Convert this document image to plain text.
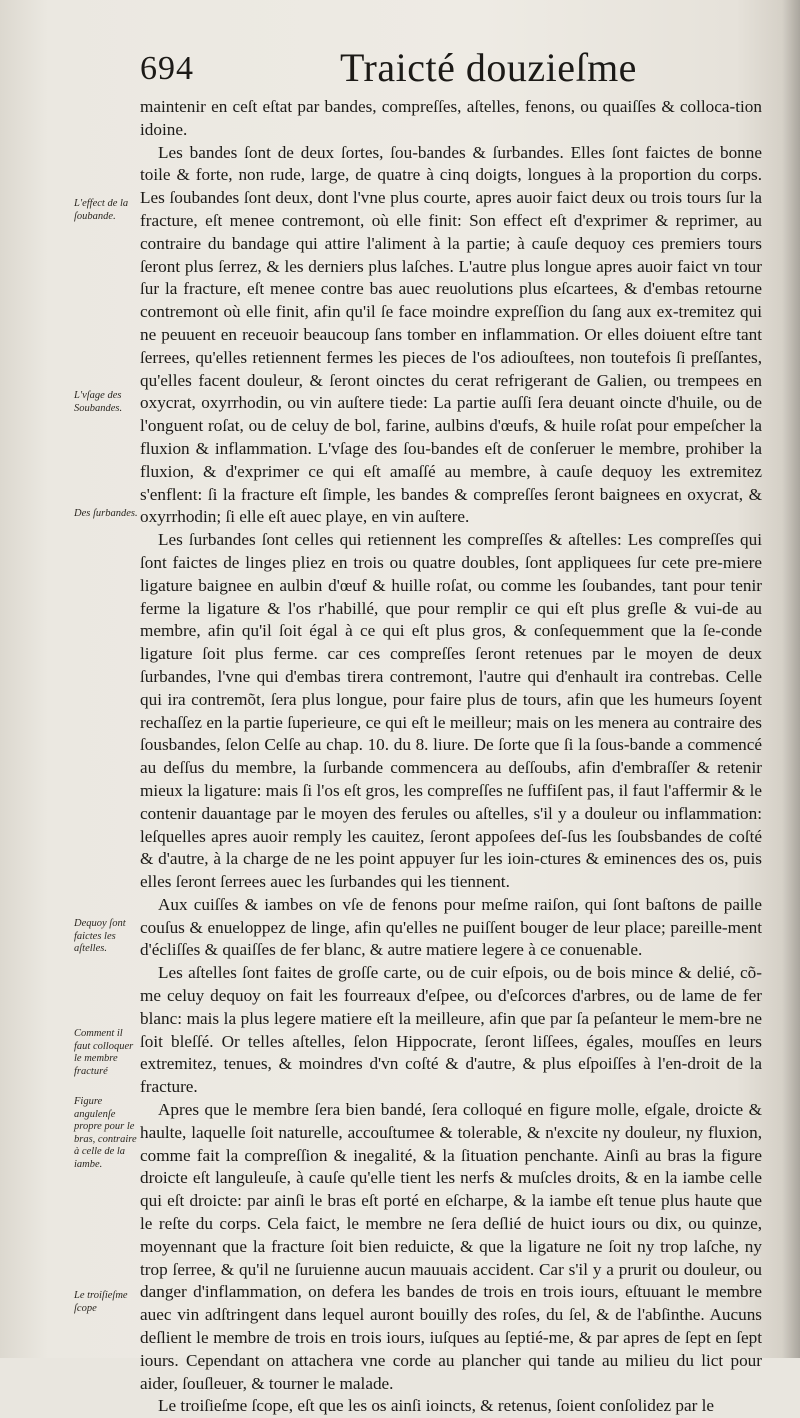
694	Traicté douzieſme
L'effect de la ſoubande.
L'vſage des Soubandes.
Des ſurbandes.
Dequoy ſont faictes les aſtelles.
Comment il faut colloquer le membre fracturé
Figure angulenſe propre pour le bras, contraire à celle de la iambe.
Le troiſieſme ſcope

maintenir en ceſt eſtat par bandes, compreſſes, aſtelles, fenons, ou quaiſſes & colloca-tion idoine.

Les bandes ſont de deux ſortes, ſou-bandes & ſurbandes. Elles ſont faictes de bonne toile & forte, non rude, large, de quatre à cinq doigts, longues à la proportion du corps. Les ſoubandes ſont deux, dont l'vne plus courte, apres auoir faict deux ou trois tours ſur la fracture, eſt menee contremont, où elle finit: Son effect eſt d'exprimer & reprimer, au contraire du bandage qui attire l'aliment à la partie; à cauſe dequoy ces premiers tours ſeront plus ſerrez, & les derniers plus laſches. L'autre plus longue apres auoir faict vn tour ſur la fracture, eſt menee contre bas auec reuolutions plus eſcartees, & d'embas retourne contremont où elle finit, afin qu'il ſe face moindre expreſſion du ſang aux ex-tremitez qui ne peuuent en receuoir beaucoup ſans tomber en inflammation. Or elles doiuent eſtre tant ſerrees, qu'elles retiennent fermes les pieces de l'os adiouſtees, non toutefois ſi preſſantes, qu'elles facent douleur, & ſeront oinctes du cerat refrigerant de Galien, ou trempees en oxycrat, oxyrrhodin, ou vin auſtere tiede: La partie auſſi ſera deuant oincte d'huile, ou de l'onguent roſat, ou de celuy de bol, farine, aulbins d'œufs, & huile roſat pour empeſcher la fluxion & inflammation. L'vſage des ſou-bandes eſt de conſeruer le membre, prohiber la fluxion, & d'exprimer ce qui eſt amaſſé au membre, à cauſe dequoy les extremitez s'enflent: ſi la fracture eſt ſimple, les bandes & compreſſes ſeront baignees en oxycrat, & oxyrrhodin; ſi elle eſt auec playe, en vin auſtere.

Les ſurbandes ſont celles qui retiennent les compreſſes & aſtelles: Les compreſſes qui ſont faictes de linges pliez en trois ou quatre doubles, ſont appliquees ſur cete pre-miere ligature baignee en aulbin d'œuf & huille roſat, ou comme les ſoubandes, tant pour tenir ferme la ligature & l'os r'habillé, que pour remplir ce qui eſt plus greſle & vui-de au membre, afin qu'il ſoit égal à ce qui eſt plus gros, & conſequemment que la ſe-conde ligature ſoit plus ferme. car ces compreſſes ſeront retenues par le moyen de deux ſurbandes, l'vne qui d'embas tirera contremont, l'autre qui d'enhault ira contrebas. Celle qui ira contremõt, ſera plus longue, pour faire plus de tours, afin que les humeurs ſoyent rechaſſez en la partie ſuperieure, ce qui eſt le meilleur; mais on les menera au contraire des ſousbandes, ſelon Celſe au chap. 10. du 8. liure. De ſorte que ſi la ſous-bande a commencé au deſſus du membre, la ſurbande commencera au deſſoubs, afin d'embraſſer & retenir mieux la ligature: mais ſi l'os eſt gros, les compreſſes ne ſuffiſent pas, il faut l'affermir & le contenir dauantage par le moyen des ferules ou aſtelles, s'il y a douleur ou inflammation: leſquelles apres auoir remply les cauitez, ſeront appoſees deſ-ſus les ſoubsbandes de coſté & d'autre, à la charge de ne les point appuyer ſur les ioin-ctures & eminences des os, puis elles ſeront ſerrees auec les ſurbandes qui les tiennent.

Aux cuiſſes & iambes on vſe de fenons pour meſme raiſon, qui ſont baſtons de paille couſus & enueloppez de linge, afin qu'elles ne puiſſent bouger de leur place; pareille-ment d'écliſſes & quaiſſes de fer blanc, & autre matiere legere à ce conuenable.

Les aſtelles ſont faites de groſſe carte, ou de cuir eſpois, ou de bois mince & delié, cõ-me celuy dequoy on fait les fourreaux d'eſpee, ou d'eſcorces d'arbres, ou de lame de fer blanc: mais la plus legere matiere eſt la meilleure, afin que par ſa peſanteur le mem-bre ne ſoit bleſſé. Or telles aſtelles, ſelon Hippocrate, ſeront liſſees, égales, mouſſes en leurs extremitez, tenues, & moindres d'vn coſté & d'autre, & plus eſpoiſſes à l'en-droit de la fracture.

Apres que le membre ſera bien bandé, ſera colloqué en figure molle, eſgale, droicte & haulte, laquelle ſoit naturelle, accouſtumee & tolerable, & n'excite ny douleur, ny fluxion, comme fait la compreſſion & inegalité, & la ſituation penchante. Ainſi au bras la figure droicte eſt languleuſe, à cauſe qu'elle tient les nerfs & muſcles droits, & en la iambe celle qui eſt droicte: par ainſi le bras eſt porté en eſcharpe, & la iambe eſt tenue plus haute que le reſte du corps. Cela faict, le membre ne ſera deſlié de huict iours ou dix, ou quinze, moyennant que la fracture ſoit bien reduicte, & que la ligature ne ſoit ny trop laſche, ny trop ſerree, & qu'il ne ſuruienne aucun mauuais accident. Car s'il y a prurit ou douleur, ou danger d'inflammation, on defera les bandes de trois en trois iours, eſtuuant le membre auec vin adſtringent dans lequel auront bouilly des roſes, du ſel, & de l'abſinthe. Aucuns deſlient le membre de trois en trois iours, iuſques au ſeptié-me, & par apres de ſept en ſept iours. Cependant on attachera vne corde au plancher qui tande au milieu du lict pour aider, ſouſleuer, & tourner le malade.

Le troiſieſme ſcope, eſt que les os ainſi ioincts, & retenus, ſoient conſolidez par le
